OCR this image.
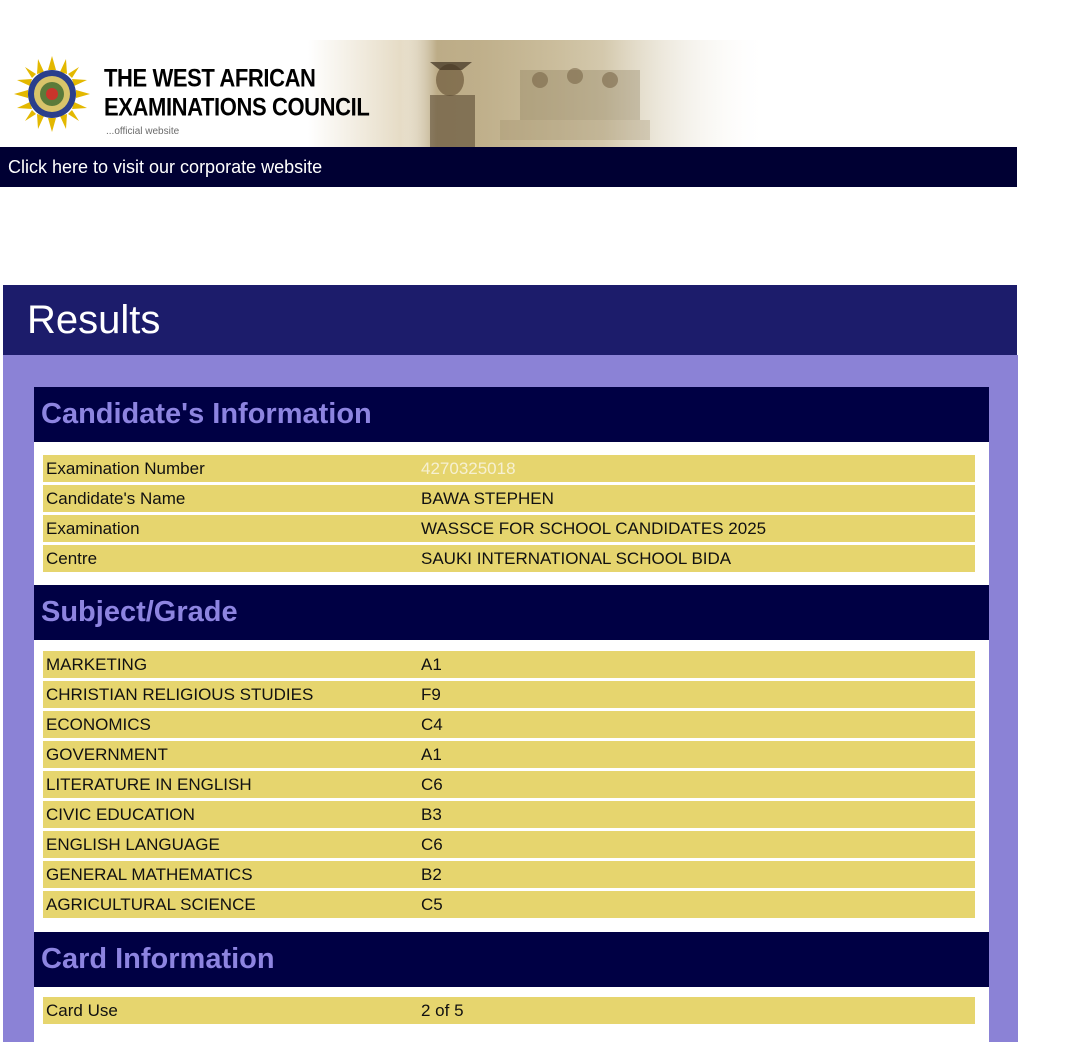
THE WEST AFRICAN
EXAMINATIONS COUNCIL
...official website
Click here to visit our corporate website
Results
Candidate's Information
Examination Number	4270325018
Candidate's Name	BAWA STEPHEN
Examination	WASSCE FOR SCHOOL CANDIDATES 2025
Centre	SAUKI INTERNATIONAL SCHOOL BIDA
Subject/Grade
MARKETING	A1
CHRISTIAN RELIGIOUS STUDIES	F9
ECONOMICS	C4
GOVERNMENT	A1
LITERATURE IN ENGLISH	C6
CIVIC EDUCATION	B3
ENGLISH LANGUAGE	C6
GENERAL MATHEMATICS	B2
AGRICULTURAL SCIENCE	C5
Card Information
Card Use	2 of 5
